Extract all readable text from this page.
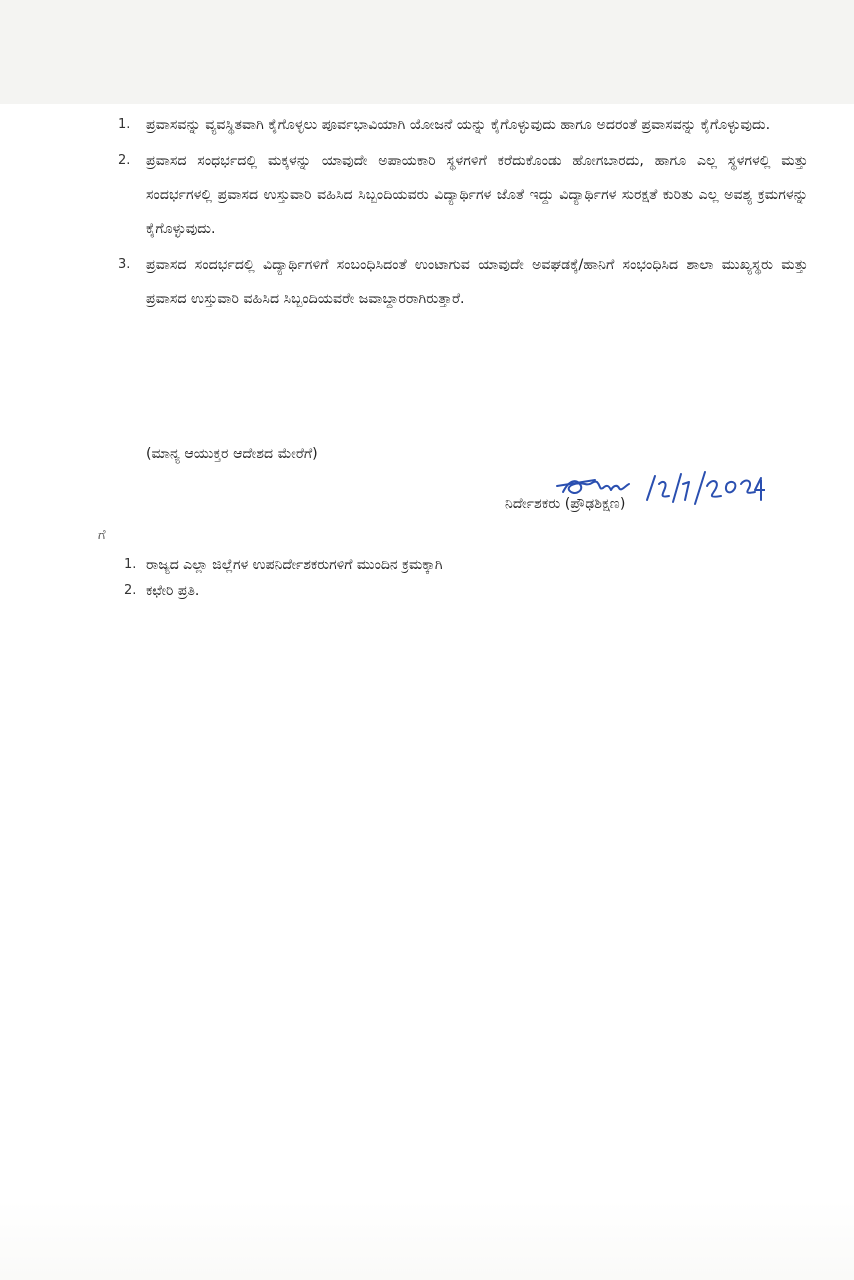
1. ಪ್ರವಾಸವನ್ನು ವ್ಯವಸ್ಥಿತವಾಗಿ ಕೈಗೊಳ್ಳಲು ಪೂರ್ವಭಾವಿಯಾಗಿ ಯೋಜನೆ ಯನ್ನು ಕೈಗೊಳ್ಳುವುದು ಹಾಗೂ ಅದರಂತೆ ಪ್ರವಾಸವನ್ನು ಕೈಗೊಳ್ಳುವುದು.
2. ಪ್ರವಾಸದ ಸಂಧರ್ಭದಲ್ಲಿ ಮಕ್ಕಳನ್ನು ಯಾವುದೇ ಅಪಾಯಕಾರಿ ಸ್ಥಳಗಳಿಗೆ ಕರೆದುಕೊಂಡು ಹೋಗಬಾರದು, ಹಾಗೂ ಎಲ್ಲ ಸ್ಥಳಗಳಲ್ಲಿ ಮತ್ತು ಸಂದರ್ಭಗಳಲ್ಲಿ ಪ್ರವಾಸದ ಉಸ್ತುವಾರಿ ವಹಿಸಿದ ಸಿಬ್ಬಂದಿಯವರು ವಿದ್ಯಾರ್ಥಿಗಳ ಜೊತೆ ಇದ್ದು ವಿದ್ಯಾರ್ಥಿಗಳ ಸುರಕ್ಷತೆ ಕುರಿತು ಎಲ್ಲ ಅವಶ್ಯ ಕ್ರಮಗಳನ್ನು ಕೈಗೊಳ್ಳುವುದು.
3. ಪ್ರವಾಸದ ಸಂದರ್ಭದಲ್ಲಿ ವಿದ್ಯಾರ್ಥಿಗಳಿಗೆ ಸಂಬಂಧಿಸಿದಂತೆ ಉಂಟಾಗುವ ಯಾವುದೇ ಅವಘಡಕ್ಕೆ/ಹಾನಿಗೆ ಸಂಭಂಧಿಸಿದ ಶಾಲಾ ಮುಖ್ಯಸ್ಥರು ಮತ್ತು ಪ್ರವಾಸದ ಉಸ್ತುವಾರಿ ವಹಿಸಿದ ಸಿಬ್ಬಂದಿಯವರೇ ಜವಾಬ್ದಾರರಾಗಿರುತ್ತಾರೆ.
(ಮಾನ್ಯ ಆಯುಕ್ತರ ಆದೇಶದ ಮೇರೆಗೆ)
ನಿರ್ದೇಶಕರು (ಪ್ರೌಢಶಿಕ್ಷಣ)
ಗೆ
1. ರಾಜ್ಯದ ಎಲ್ಲಾ ಜಿಲ್ಲೆಗಳ ಉಪನಿರ್ದೇಶಕರುಗಳಿಗೆ ಮುಂದಿನ ಕ್ರಮಕ್ಕಾಗಿ
2. ಕಛೇರಿ ಪ್ರತಿ.
